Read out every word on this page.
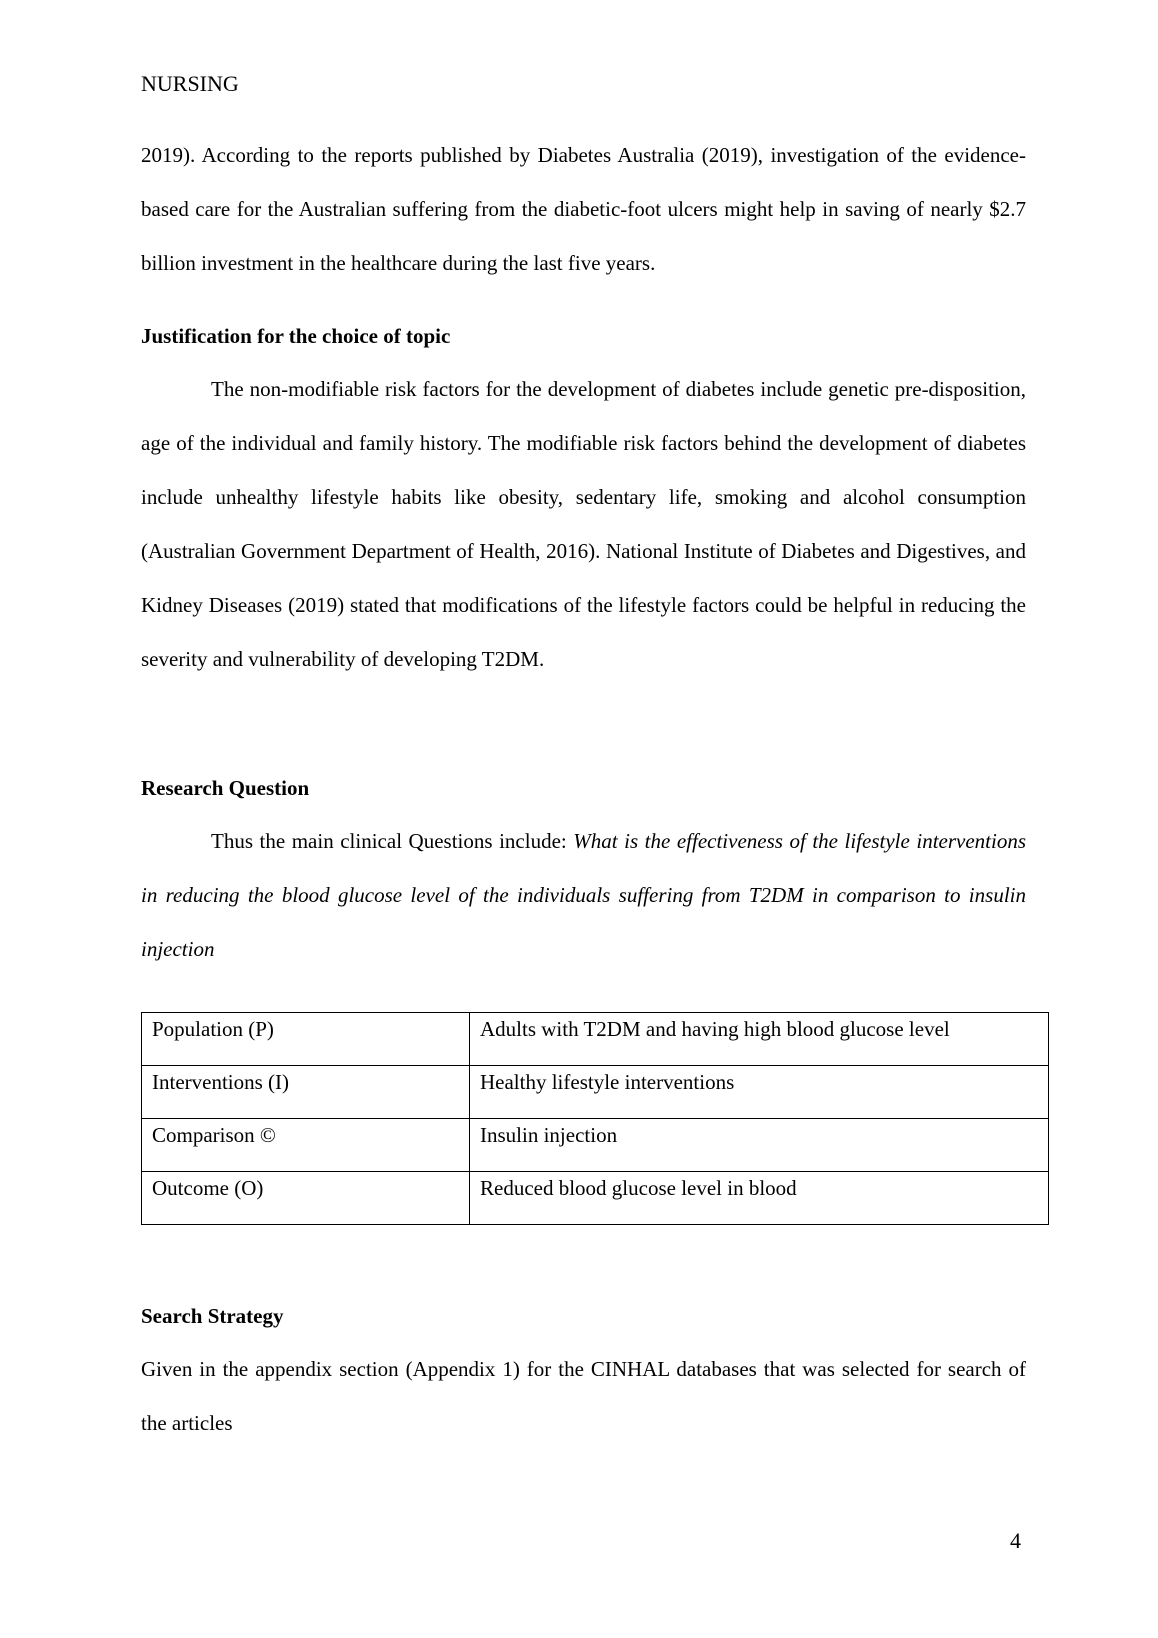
NURSING

2019). According to the reports published by Diabetes Australia (2019), investigation of the evidence-based care for the Australian suffering from the diabetic-foot ulcers might help in saving of nearly $2.7 billion investment in the healthcare during the last five years.

Justification for the choice of topic

The non-modifiable risk factors for the development of diabetes include genetic pre-disposition, age of the individual and family history. The modifiable risk factors behind the development of diabetes include unhealthy lifestyle habits like obesity, sedentary life, smoking and alcohol consumption (Australian Government Department of Health, 2016). National Institute of Diabetes and Digestives, and Kidney Diseases (2019) stated that modifications of the lifestyle factors could be helpful in reducing the severity and vulnerability of developing T2DM.

Research Question

Thus the main clinical Questions include: What is the effectiveness of the lifestyle interventions in reducing the blood glucose level of the individuals suffering from T2DM in comparison to insulin injection

Population (P)	Adults with T2DM and having high blood glucose level
Interventions (I)	Healthy lifestyle interventions
Comparison ©	Insulin injection
Outcome (O)	Reduced blood glucose level in blood

Search Strategy

Given in the appendix section (Appendix 1) for the CINHAL databases that was selected for search of the articles

4
